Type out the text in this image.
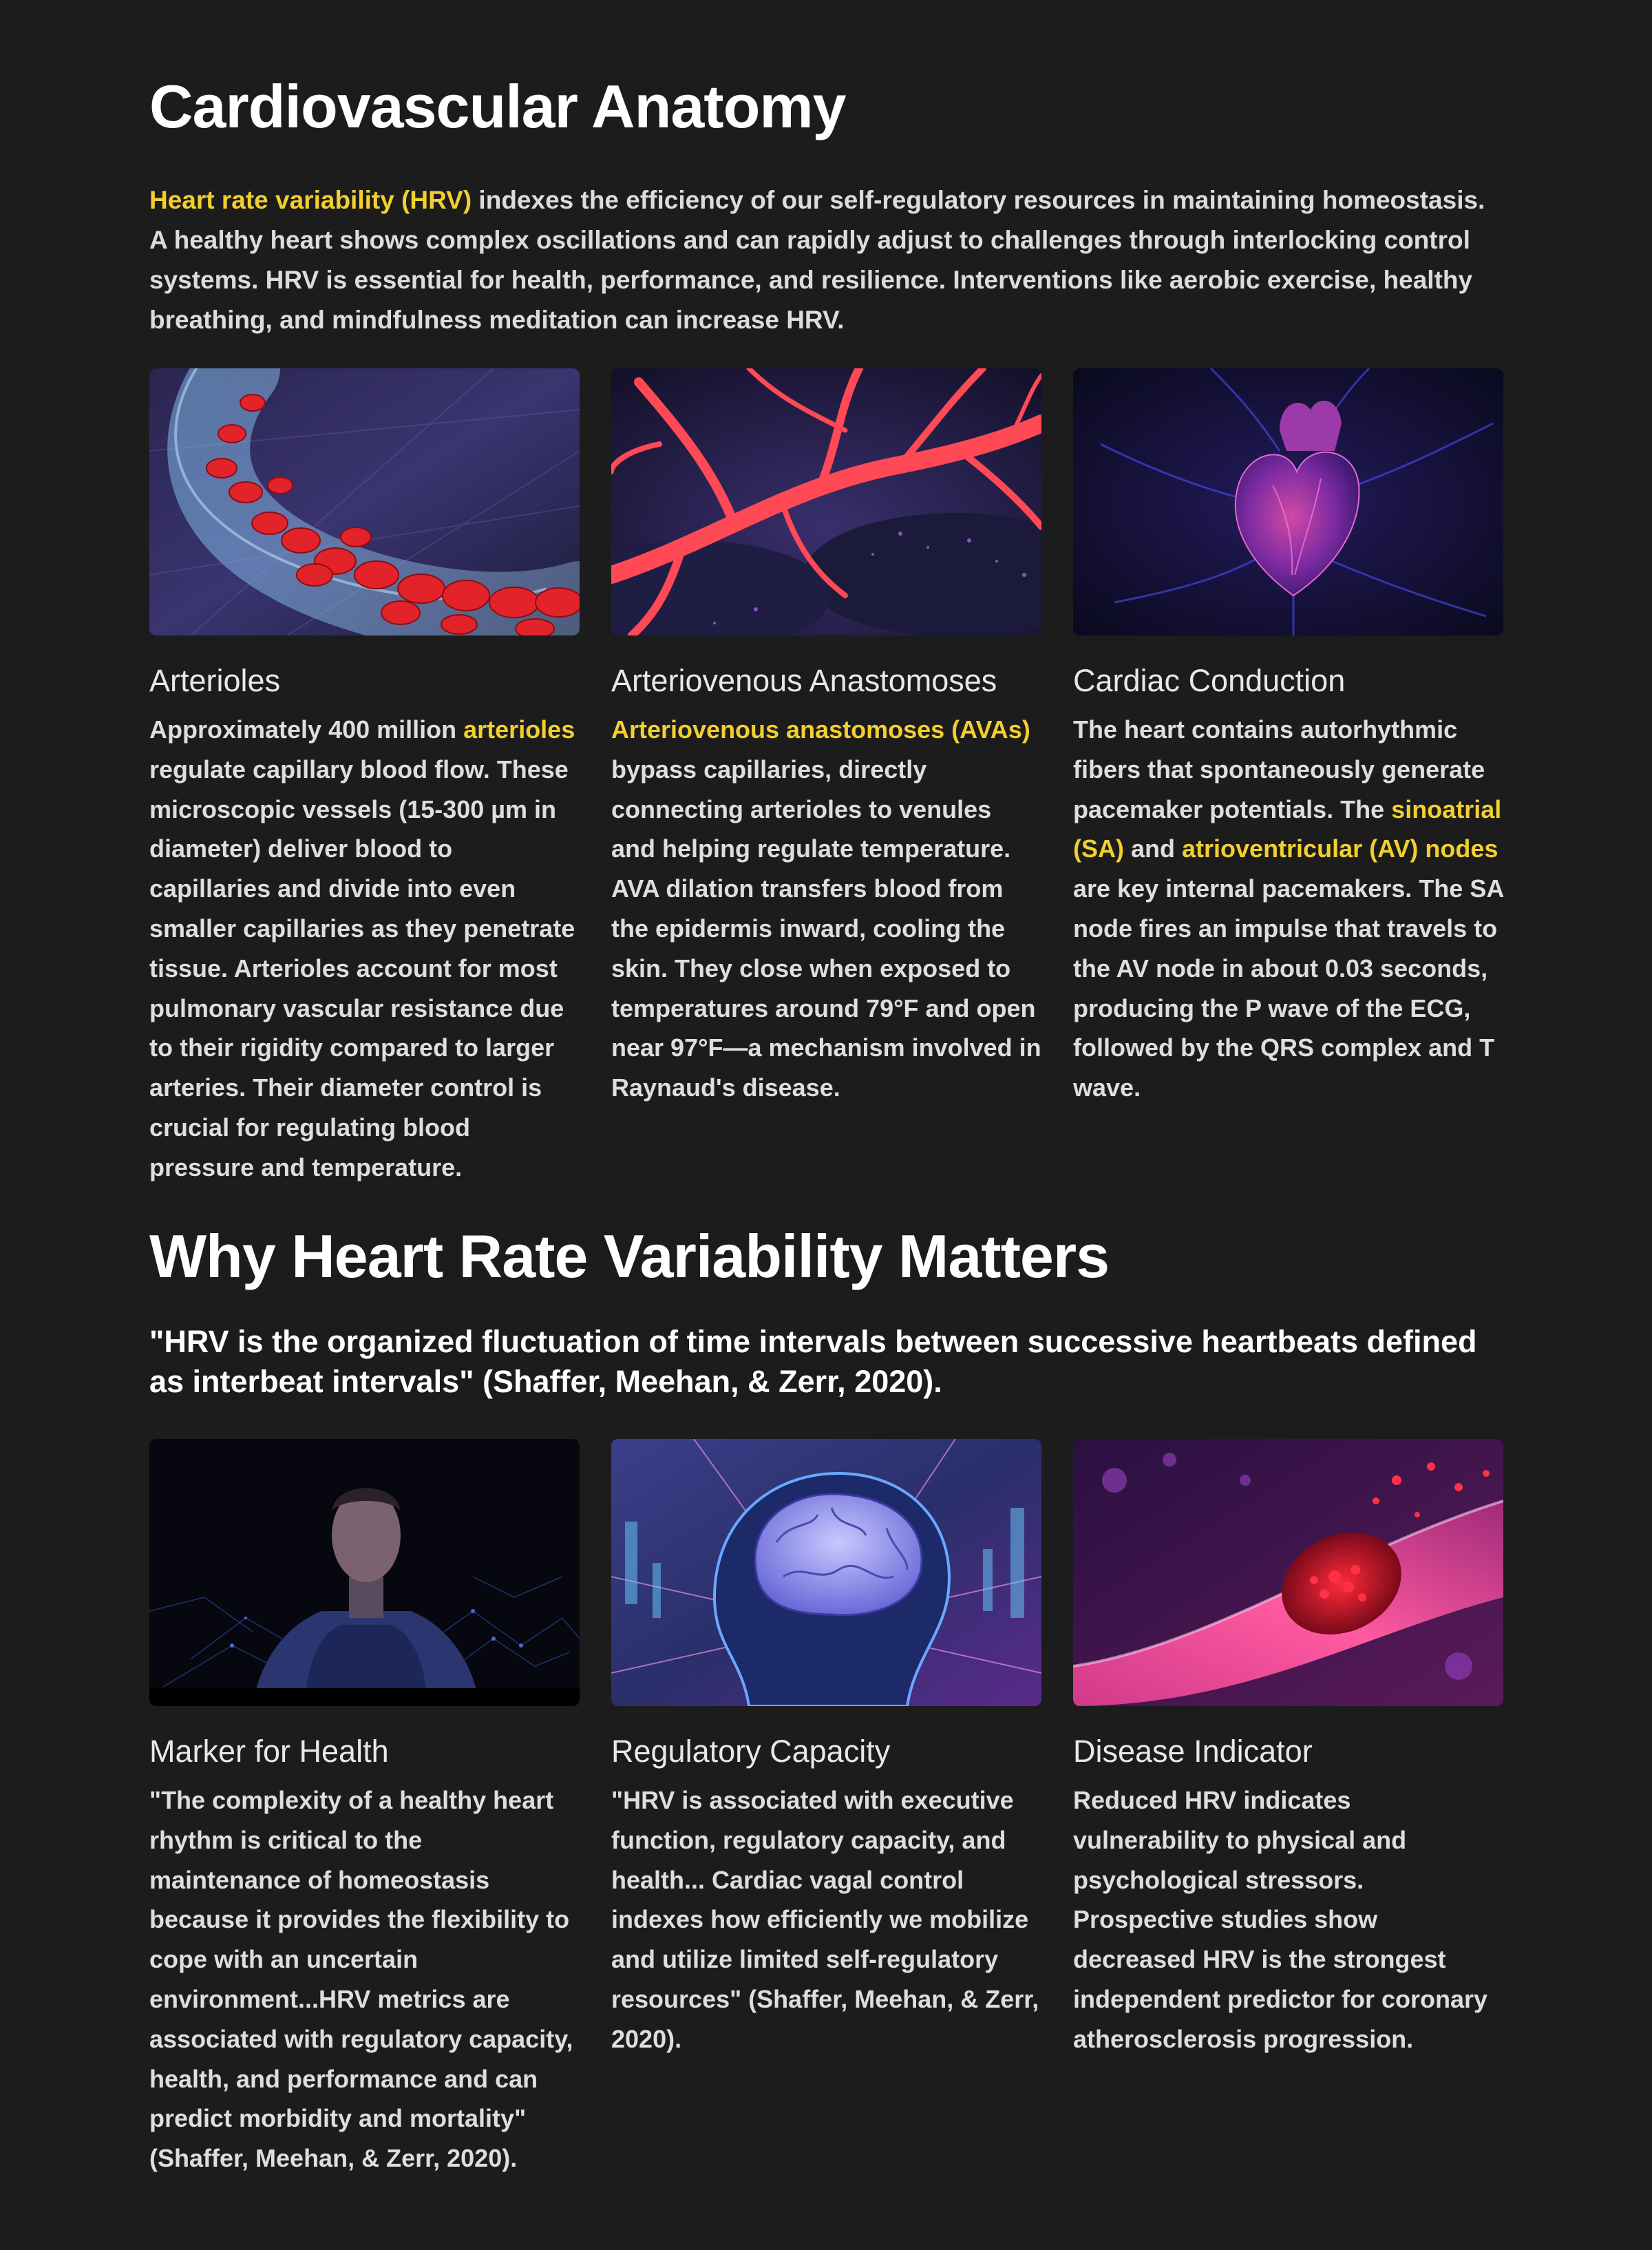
Cardiovascular Anatomy

Heart rate variability (HRV) indexes the efficiency of our self-regulatory resources in maintaining homeostasis. A healthy heart shows complex oscillations and can rapidly adjust to challenges through interlocking control systems. HRV is essential for health, performance, and resilience. Interventions like aerobic exercise, healthy breathing, and mindfulness meditation can increase HRV.

Arterioles

Approximately 400 million arterioles regulate capillary blood flow. These microscopic vessels (15-300 µm in diameter) deliver blood to capillaries and divide into even smaller capillaries as they penetrate tissue. Arterioles account for most pulmonary vascular resistance due to their rigidity compared to larger arteries. Their diameter control is crucial for regulating blood pressure and temperature.

Arteriovenous Anastomoses

Arteriovenous anastomoses (AVAs) bypass capillaries, directly connecting arterioles to venules and helping regulate temperature. AVA dilation transfers blood from the epidermis inward, cooling the skin. They close when exposed to temperatures around 79°F and open near 97°F—a mechanism involved in Raynaud's disease.

Cardiac Conduction

The heart contains autorhythmic fibers that spontaneously generate pacemaker potentials. The sinoatrial (SA) and atrioventricular (AV) nodes are key internal pacemakers. The SA node fires an impulse that travels to the AV node in about 0.03 seconds, producing the P wave of the ECG, followed by the QRS complex and T wave.

Why Heart Rate Variability Matters

"HRV is the organized fluctuation of time intervals between successive heartbeats defined as interbeat intervals" (Shaffer, Meehan, & Zerr, 2020).

Marker for Health

"The complexity of a healthy heart rhythm is critical to the maintenance of homeostasis because it provides the flexibility to cope with an uncertain environment...HRV metrics are associated with regulatory capacity, health, and performance and can predict morbidity and mortality" (Shaffer, Meehan, & Zerr, 2020).

Regulatory Capacity

"HRV is associated with executive function, regulatory capacity, and health... Cardiac vagal control indexes how efficiently we mobilize and utilize limited self-regulatory resources" (Shaffer, Meehan, & Zerr, 2020).

Disease Indicator

Reduced HRV indicates vulnerability to physical and psychological stressors. Prospective studies show decreased HRV is the strongest independent predictor for coronary atherosclerosis progression.
